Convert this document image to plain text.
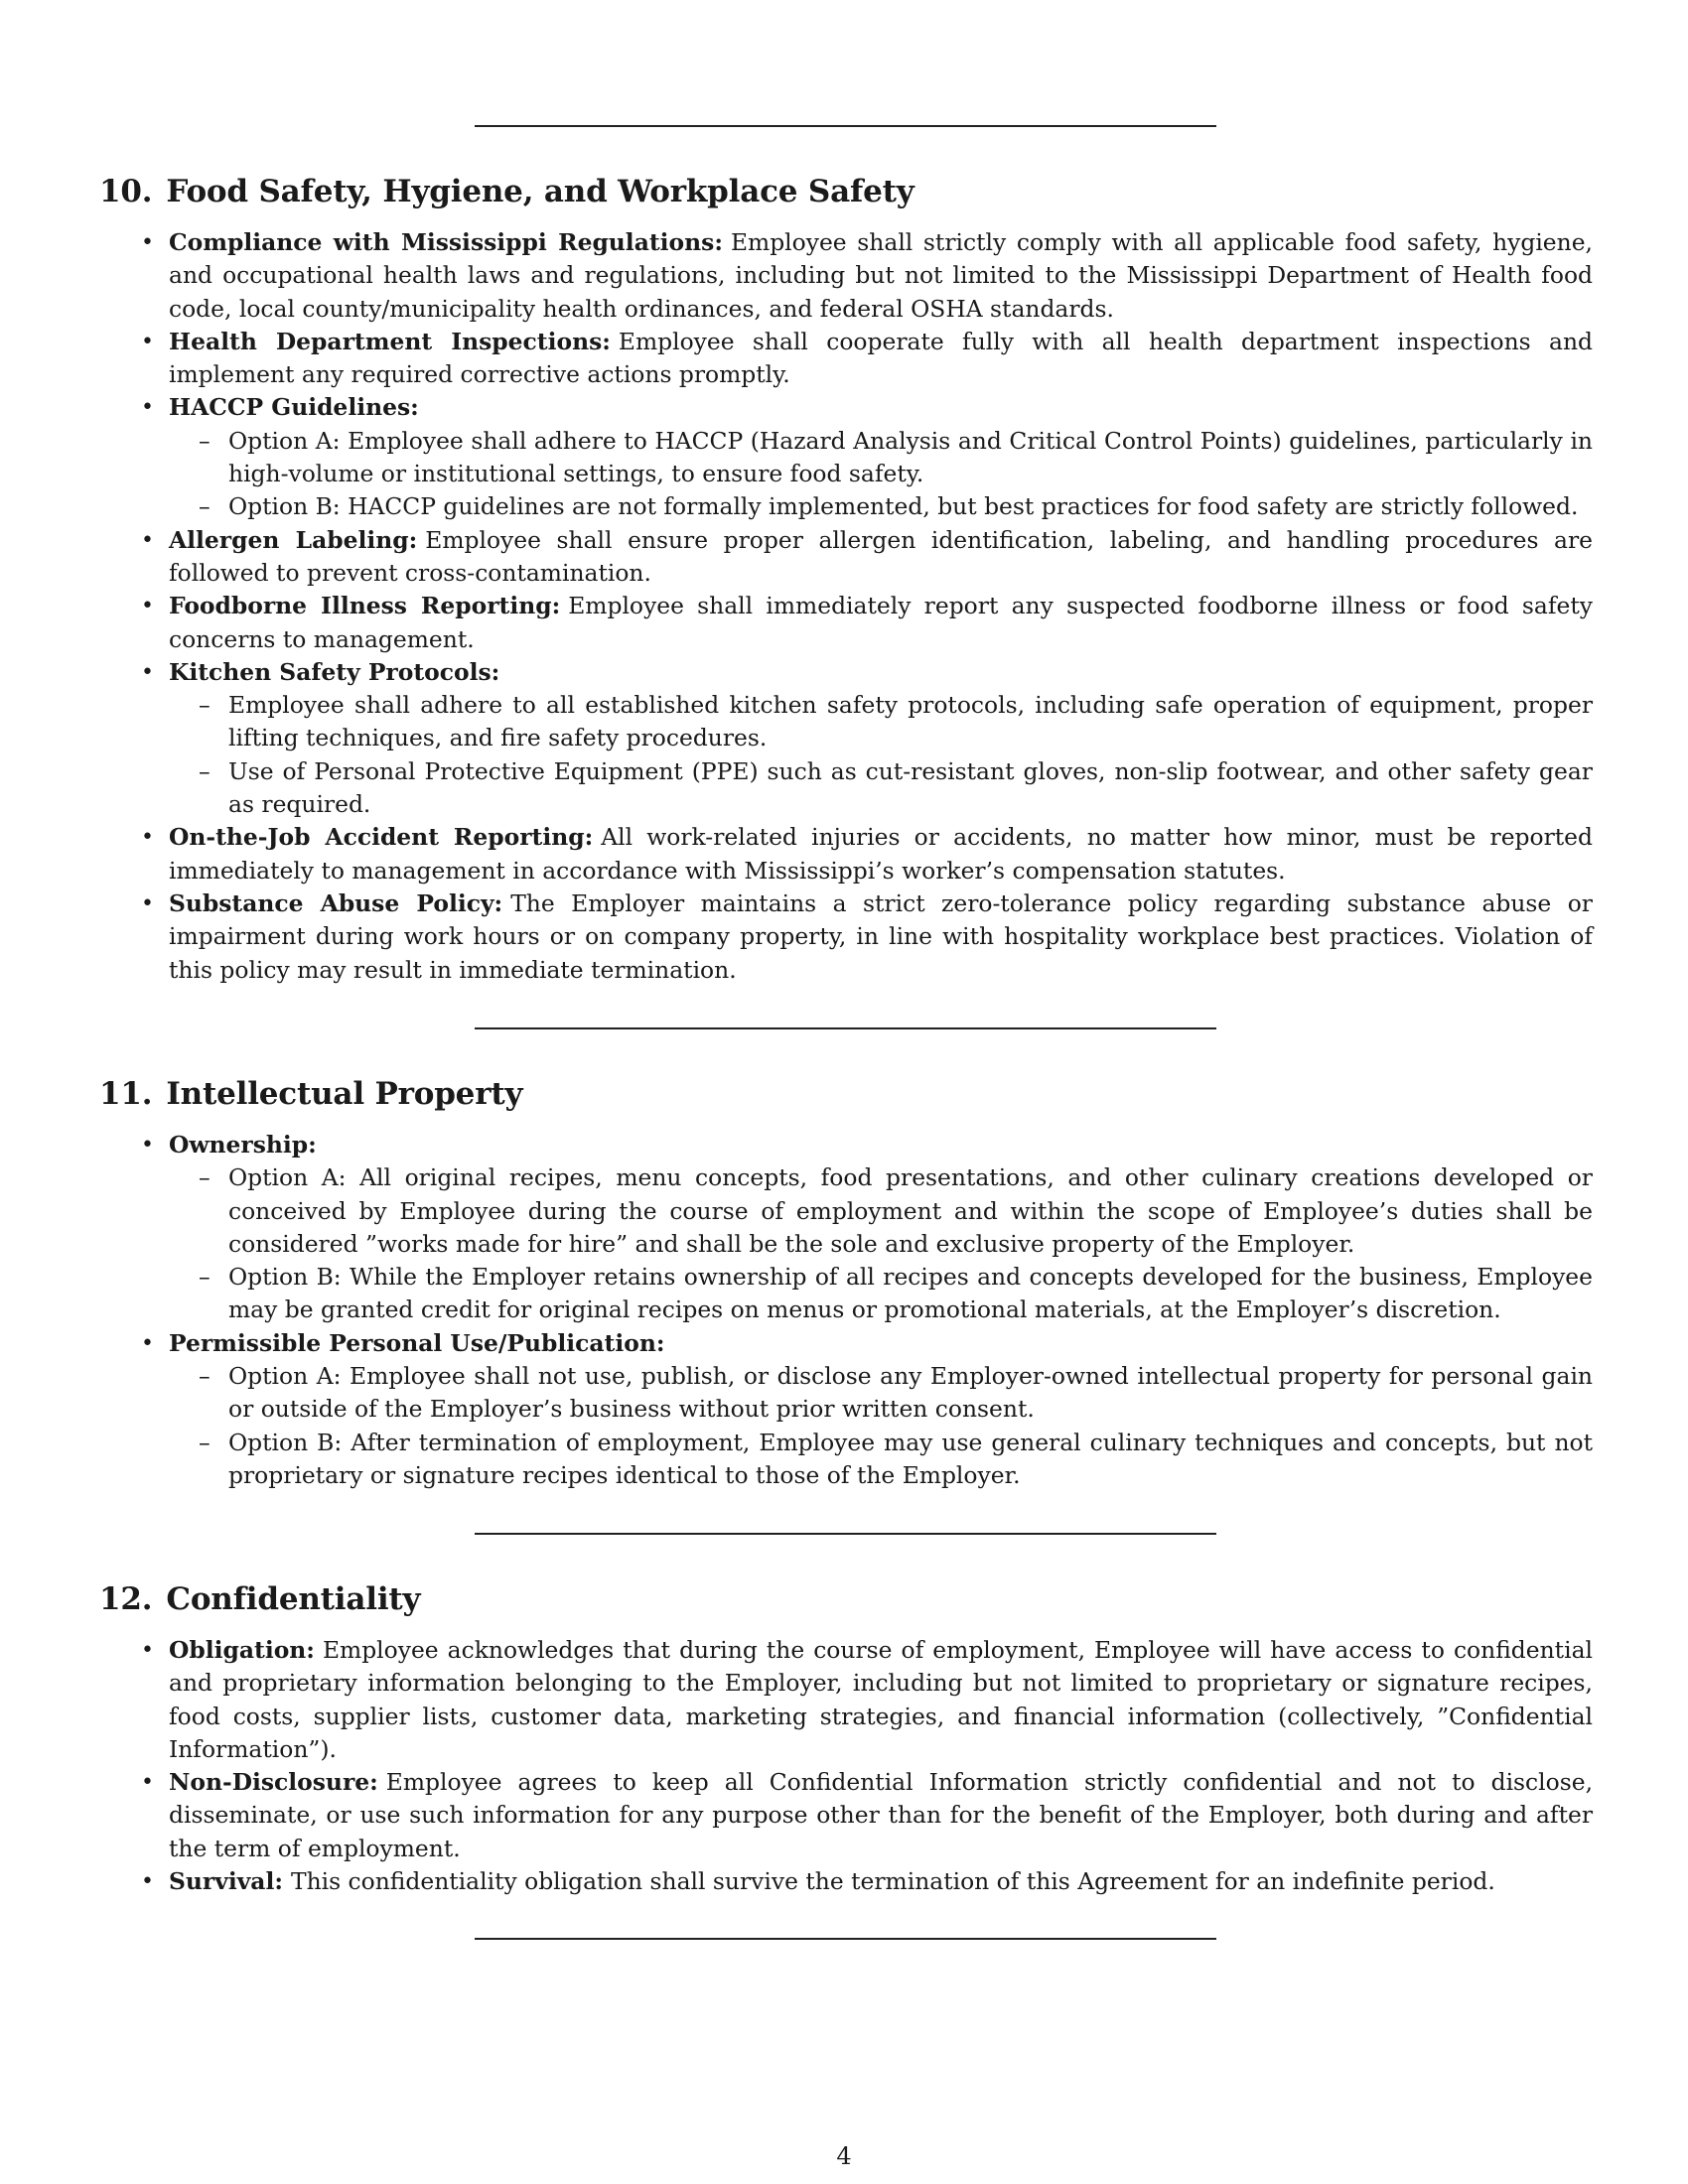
10. Food Safety, Hygiene, and Workplace Safety
• Compliance with Mississippi Regulations: Employee shall strictly comply with all applicable food safety, hygiene, and occupational health laws and regulations, including but not limited to the Mississippi Department of Health food code, local county/municipality health ordinances, and federal OSHA standards.
• Health Department Inspections: Employee shall cooperate fully with all health department inspections and implement any required corrective actions promptly.
• HACCP Guidelines:
– Option A: Employee shall adhere to HACCP (Hazard Analysis and Critical Control Points) guidelines, particularly in high-volume or institutional settings, to ensure food safety.
– Option B: HACCP guidelines are not formally implemented, but best practices for food safety are strictly followed.
• Allergen Labeling: Employee shall ensure proper allergen identification, labeling, and handling procedures are followed to prevent cross-contamination.
• Foodborne Illness Reporting: Employee shall immediately report any suspected foodborne illness or food safety concerns to management.
• Kitchen Safety Protocols:
– Employee shall adhere to all established kitchen safety protocols, including safe operation of equipment, proper lifting techniques, and fire safety procedures.
– Use of Personal Protective Equipment (PPE) such as cut-resistant gloves, non-slip footwear, and other safety gear as required.
• On-the-Job Accident Reporting: All work-related injuries or accidents, no matter how minor, must be reported immediately to management in accordance with Mississippi’s worker’s compensation statutes.
• Substance Abuse Policy: The Employer maintains a strict zero-tolerance policy regarding substance abuse or impairment during work hours or on company property, in line with hospitality workplace best practices. Violation of this policy may result in immediate termination.
11. Intellectual Property
• Ownership:
– Option A: All original recipes, menu concepts, food presentations, and other culinary creations developed or conceived by Employee during the course of employment and within the scope of Employee’s duties shall be considered ”works made for hire” and shall be the sole and exclusive property of the Employer.
– Option B: While the Employer retains ownership of all recipes and concepts developed for the business, Employee may be granted credit for original recipes on menus or promotional materials, at the Employer’s discretion.
• Permissible Personal Use/Publication:
– Option A: Employee shall not use, publish, or disclose any Employer-owned intellectual property for personal gain or outside of the Employer’s business without prior written consent.
– Option B: After termination of employment, Employee may use general culinary techniques and concepts, but not proprietary or signature recipes identical to those of the Employer.
12. Confidentiality
• Obligation: Employee acknowledges that during the course of employment, Employee will have access to confidential and proprietary information belonging to the Employer, including but not limited to proprietary or signature recipes, food costs, supplier lists, customer data, marketing strategies, and financial information (collectively, ”Confidential Information”).
• Non-Disclosure: Employee agrees to keep all Confidential Information strictly confidential and not to disclose, disseminate, or use such information for any purpose other than for the benefit of the Employer, both during and after the term of employment.
• Survival: This confidentiality obligation shall survive the termination of this Agreement for an indefinite period.
4
